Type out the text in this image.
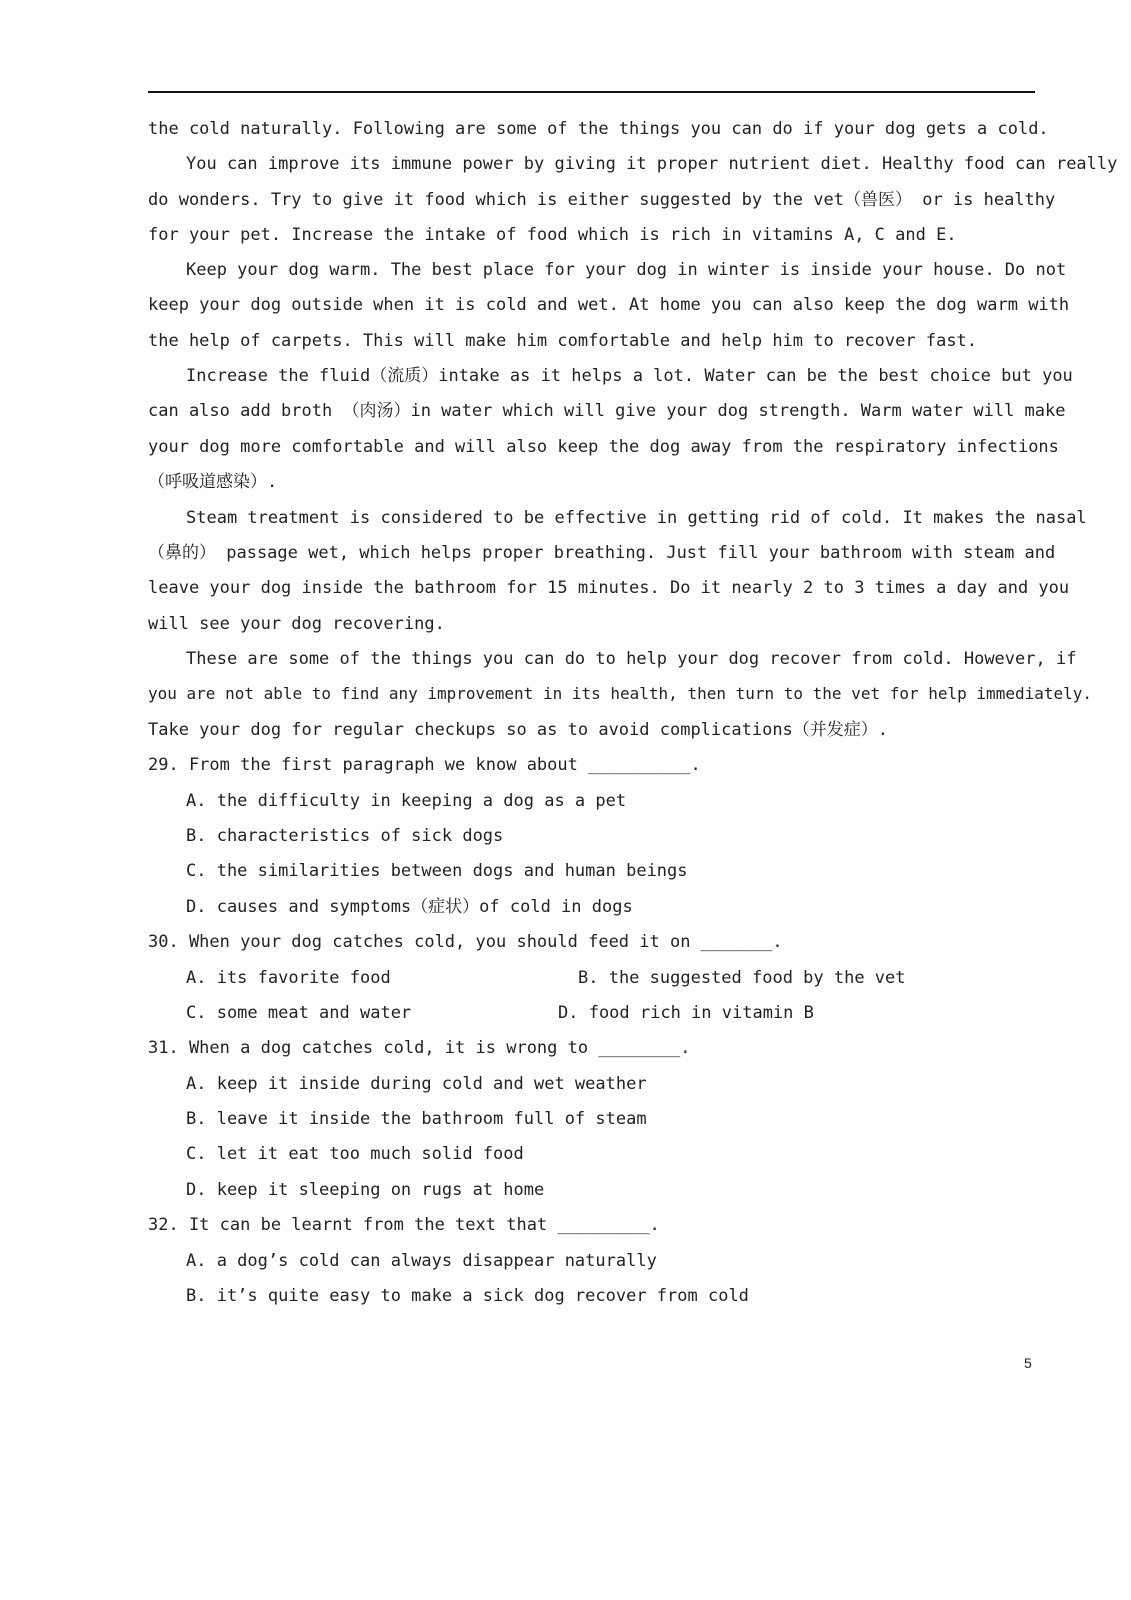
the cold naturally. Following are some of the things you can do if your dog gets a cold.
You can improve its immune power by giving it proper nutrient diet. Healthy food can really
do wonders. Try to give it food which is either suggested by the vet（兽医） or is healthy
for your pet. Increase the intake of food which is rich in vitamins A, C and E.
Keep your dog warm. The best place for your dog in winter is inside your house. Do not
keep your dog outside when it is cold and wet. At home you can also keep the dog warm with
the help of carpets. This will make him comfortable and help him to recover fast.
Increase the fluid（流质）intake as it helps a lot. Water can be the best choice but you
can also add broth （肉汤）in water which will give your dog strength. Warm water will make
your dog more comfortable and will also keep the dog away from the respiratory infections
（呼吸道感染）.
Steam treatment is considered to be effective in getting rid of cold. It makes the nasal
（鼻的） passage wet, which helps proper breathing. Just fill your bathroom with steam and
leave your dog inside the bathroom for 15 minutes. Do it nearly 2 to 3 times a day and you
will see your dog recovering.
These are some of the things you can do to help your dog recover from cold. However, if
you are not able to find any improvement in its health, then turn to the vet for help immediately.
Take your dog for regular checkups so as to avoid complications（并发症）.
29. From the first paragraph we know about __________.
A. the difficulty in keeping a dog as a pet
B. characteristics of sick dogs
C. the similarities between dogs and human beings
D. causes and symptoms（症状）of cold in dogs
30. When your dog catches cold, you should feed it on _______.
A. its favorite food	B. the suggested food by the vet
C. some meat and water	D. food rich in vitamin B
31. When a dog catches cold, it is wrong to ________.
A. keep it inside during cold and wet weather
B. leave it inside the bathroom full of steam
C. let it eat too much solid food
D. keep it sleeping on rugs at home
32. It can be learnt from the text that _________.
A. a dog’s cold can always disappear naturally
B. it’s quite easy to make a sick dog recover from cold
5
